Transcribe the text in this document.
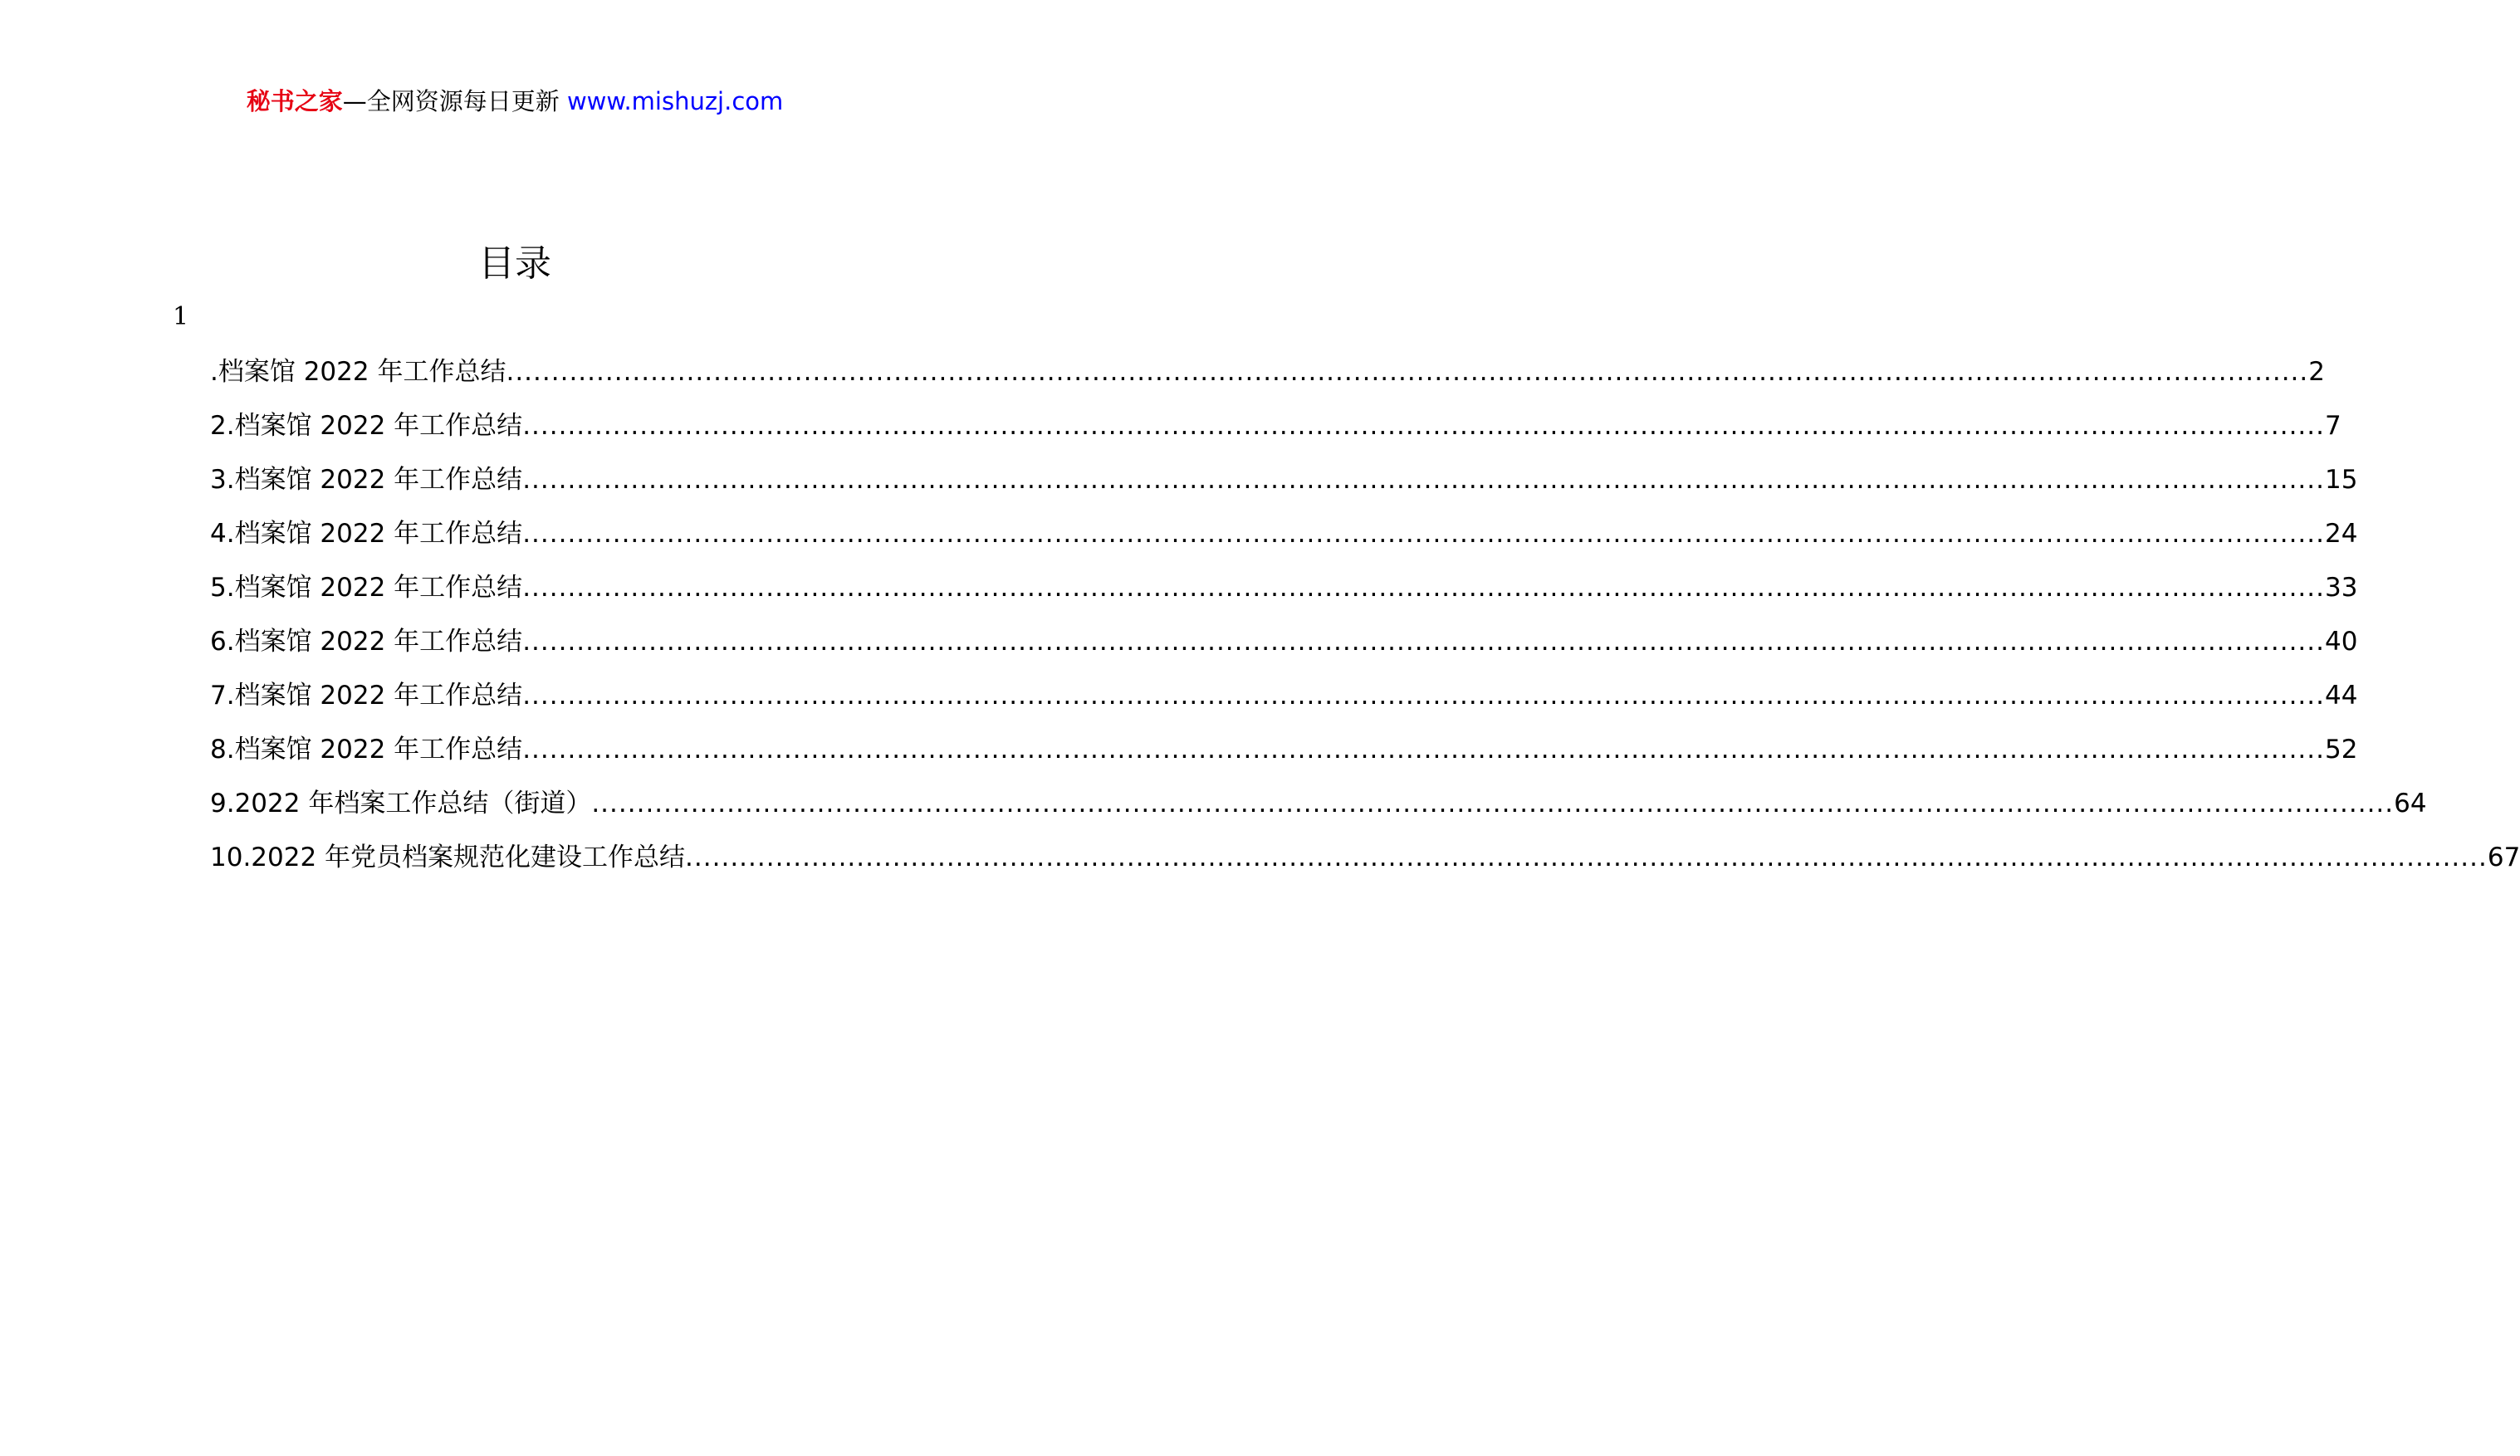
秘书之家—全网资源每日更新 www.mishuzj.com
目录
1
.档案馆 2022 年工作总结 ........................................................................................................................................................................................................ 2
2.档案馆 2022 年工作总结 ........................................................................................................................................................................................................ 7
3.档案馆 2022 年工作总结 ........................................................................................................................................................................................................ 15
4.档案馆 2022 年工作总结 ........................................................................................................................................................................................................ 24
5.档案馆 2022 年工作总结 ........................................................................................................................................................................................................ 33
6.档案馆 2022 年工作总结 ........................................................................................................................................................................................................ 40
7.档案馆 2022 年工作总结 ........................................................................................................................................................................................................ 44
8.档案馆 2022 年工作总结 ........................................................................................................................................................................................................ 52
9.2022 年档案工作总结（街道） ........................................................................................................................................................................................................ 64
10.2022 年党员档案规范化建设工作总结 ........................................................................................................................................................................................................ 67
